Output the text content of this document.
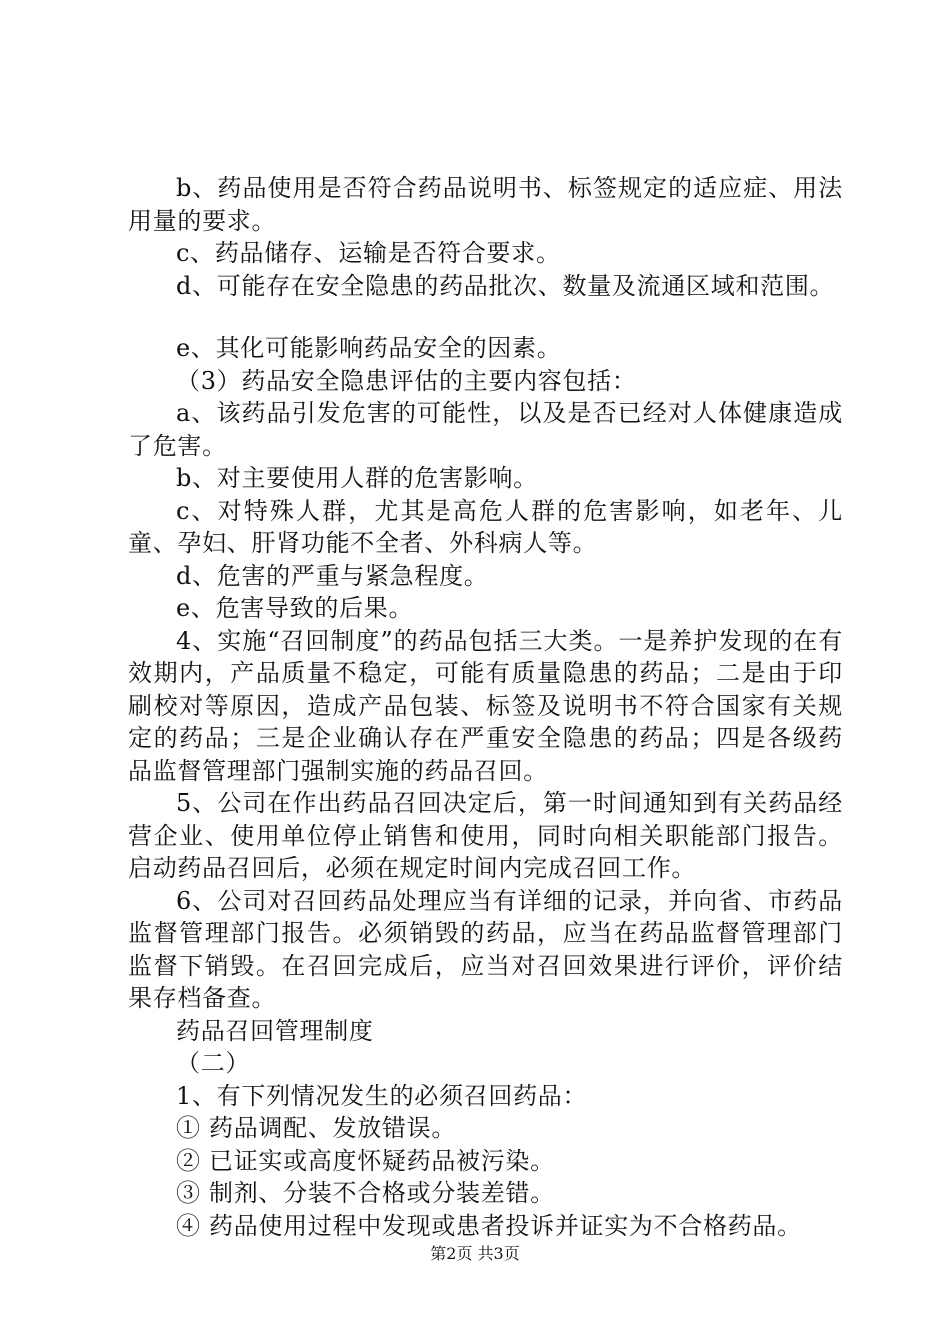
b、药品使用是否符合药品说明书、标签规定的适应症、用法用量的要求。

c、药品储存、运输是否符合要求。

d、可能存在安全隐患的药品批次、数量及流通区域和范围。

e、其化可能影响药品安全的因素。

（3）药品安全隐患评估的主要内容包括：

a、该药品引发危害的可能性，以及是否已经对人体健康造成了危害。

b、对主要使用人群的危害影响。

c、对特殊人群，尤其是高危人群的危害影响，如老年、儿童、孕妇、肝肾功能不全者、外科病人等。

d、危害的严重与紧急程度。

e、危害导致的后果。

4、实施“召回制度”的药品包括三大类。一是养护发现的在有效期内，产品质量不稳定，可能有质量隐患的药品；二是由于印刷校对等原因，造成产品包装、标签及说明书不符合国家有关规定的药品；三是企业确认存在严重安全隐患的药品；四是各级药品监督管理部门强制实施的药品召回。

5、公司在作出药品召回决定后，第一时间通知到有关药品经营企业、使用单位停止销售和使用，同时向相关职能部门报告。启动药品召回后，必须在规定时间内完成召回工作。

6、公司对召回药品处理应当有详细的记录，并向省、市药品监督管理部门报告。必须销毁的药品，应当在药品监督管理部门监督下销毁。在召回完成后，应当对召回效果进行评价，评价结果存档备查。

药品召回管理制度

（二）

1、有下列情况发生的必须召回药品：

① 药品调配、发放错误。

② 已证实或高度怀疑药品被污染。

③ 制剂、分装不合格或分装差错。

④ 药品使用过程中发现或患者投诉并证实为不合格药品。

第2页 共3页
